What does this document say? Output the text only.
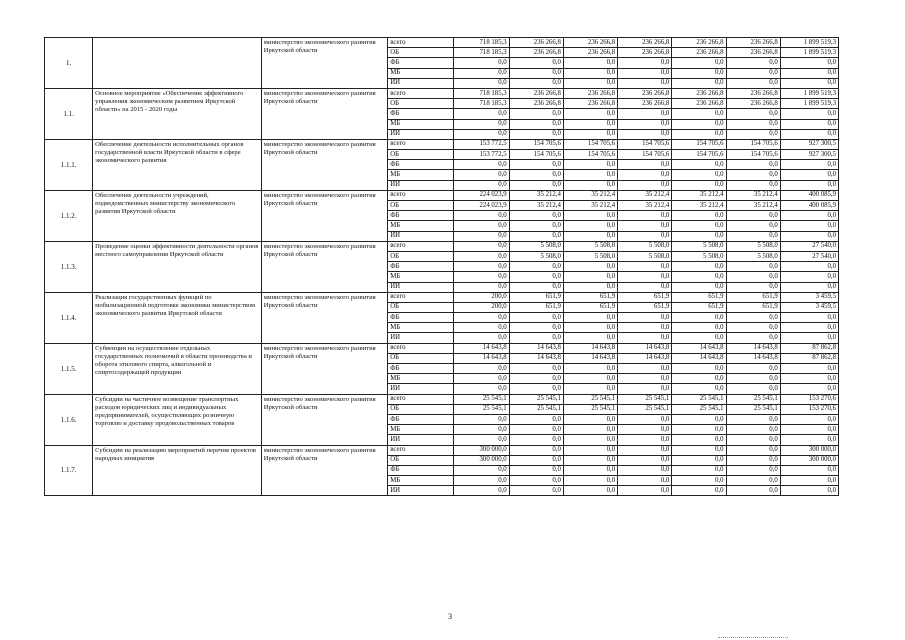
1.		министерство экономического развития Иркутской области	всего	718 185,3	236 266,8	236 266,8	236 266,8	236 266,8	236 266,8	1 899 519,3
			ОБ	718 185,3	236 266,8	236 266,8	236 266,8	236 266,8	236 266,8	1 899 519,3
			ФБ	0,0	0,0	0,0	0,0	0,0	0,0	0,0
			МБ	0,0	0,0	0,0	0,0	0,0	0,0	0,0
			ИИ	0,0	0,0	0,0	0,0	0,0	0,0	0,0
1.1.	Основное мероприятие «Обеспечение эффективного управления экономическим развитием Иркутской области» на 2015 - 2020 годы	министерство экономического развития Иркутской области	всего	718 185,3	236 266,8	236 266,8	236 266,8	236 266,8	236 266,8	1 899 519,3
			ОБ	718 185,3	236 266,8	236 266,8	236 266,8	236 266,8	236 266,8	1 899 519,3
			ФБ	0,0	0,0	0,0	0,0	0,0	0,0	0,0
			МБ	0,0	0,0	0,0	0,0	0,0	0,0	0,0
			ИИ	0,0	0,0	0,0	0,0	0,0	0,0	0,0
1.1.1.	Обеспечение деятельности исполнительных органов государственной власти Иркутской области в сфере экономического развития	министерство экономического развития Иркутской области	всего	153 772,5	154 705,6	154 705,6	154 705,6	154 705,6	154 705,6	927 300,5
			ОБ	153 772,5	154 705,6	154 705,6	154 705,6	154 705,6	154 705,6	927 300,5
			ФБ	0,0	0,0	0,0	0,0	0,0	0,0	0,0
			МБ	0,0	0,0	0,0	0,0	0,0	0,0	0,0
			ИИ	0,0	0,0	0,0	0,0	0,0	0,0	0,0
1.1.2.	Обеспечение деятельности учреждений, подведомственных министерству экономического развития Иркутской области	министерство экономического развития Иркутской области	всего	224 023,9	35 212,4	35 212,4	35 212,4	35 212,4	35 212,4	400 085,9
			ОБ	224 023,9	35 212,4	35 212,4	35 212,4	35 212,4	35 212,4	400 085,9
			ФБ	0,0	0,0	0,0	0,0	0,0	0,0	0,0
			МБ	0,0	0,0	0,0	0,0	0,0	0,0	0,0
			ИИ	0,0	0,0	0,0	0,0	0,0	0,0	0,0
1.1.3.	Проведение оценки эффективности деятельности органов местного самоуправления Иркутской области	министерство экономического развития Иркутской области	всего	0,0	5 508,0	5 508,0	5 508,0	5 508,0	5 508,0	27 540,0
			ОБ	0,0	5 508,0	5 508,0	5 508,0	5 508,0	5 508,0	27 540,0
			ФБ	0,0	0,0	0,0	0,0	0,0	0,0	0,0
			МБ	0,0	0,0	0,0	0,0	0,0	0,0	0,0
			ИИ	0,0	0,0	0,0	0,0	0,0	0,0	0,0
1.1.4.	Реализация государственных функций по мобилизационной подготовке экономики министерством экономического развития Иркутской области	министерство экономического развития Иркутской области	всего	200,0	651,9	651,9	651,9	651,9	651,9	3 459,5
			ОБ	200,0	651,9	651,9	651,9	651,9	651,9	3 459,5
			ФБ	0,0	0,0	0,0	0,0	0,0	0,0	0,0
			МБ	0,0	0,0	0,0	0,0	0,0	0,0	0,0
			ИИ	0,0	0,0	0,0	0,0	0,0	0,0	0,0
1.1.5.	Субвенции на осуществление отдельных государственных полномочий в области производства и оборота этилового спирта, алкогольной и спиртосодержащей продукции	министерство экономического развития Иркутской области	всего	14 643,8	14 643,8	14 643,8	14 643,8	14 643,8	14 643,8	87 862,8
			ОБ	14 643,8	14 643,8	14 643,8	14 643,8	14 643,8	14 643,8	87 862,8
			ФБ	0,0	0,0	0,0	0,0	0,0	0,0	0,0
			МБ	0,0	0,0	0,0	0,0	0,0	0,0	0,0
			ИИ	0,0	0,0	0,0	0,0	0,0	0,0	0,0
1.1.6.	Субсидии на частичное возмещение транспортных расходов юридических лиц и индивидуальных предпринимателей, осуществляющих розничную торговлю и доставку продовольственных товаров	министерство экономического развития Иркутской области	всего	25 545,1	25 545,1	25 545,1	25 545,1	25 545,1	25 545,1	153 270,6
			ОБ	25 545,1	25 545,1	25 545,1	25 545,1	25 545,1	25 545,1	153 270,6
			ФБ	0,0	0,0	0,0	0,0	0,0	0,0	0,0
			МБ	0,0	0,0	0,0	0,0	0,0	0,0	0,0
			ИИ	0,0	0,0	0,0	0,0	0,0	0,0	0,0
1.1.7.	Субсидии на реализацию мероприятий перечня проектов народных инициатив	министерство экономического развития Иркутской области	всего	300 000,0	0,0	0,0	0,0	0,0	0,0	300 000,0
			ОБ	300 000,0	0,0	0,0	0,0	0,0	0,0	300 000,0
			ФБ	0,0	0,0	0,0	0,0	0,0	0,0	0,0
			МБ	0,0	0,0	0,0	0,0	0,0	0,0	0,0
			ИИ	0,0	0,0	0,0	0,0	0,0	0,0	0,0
3
